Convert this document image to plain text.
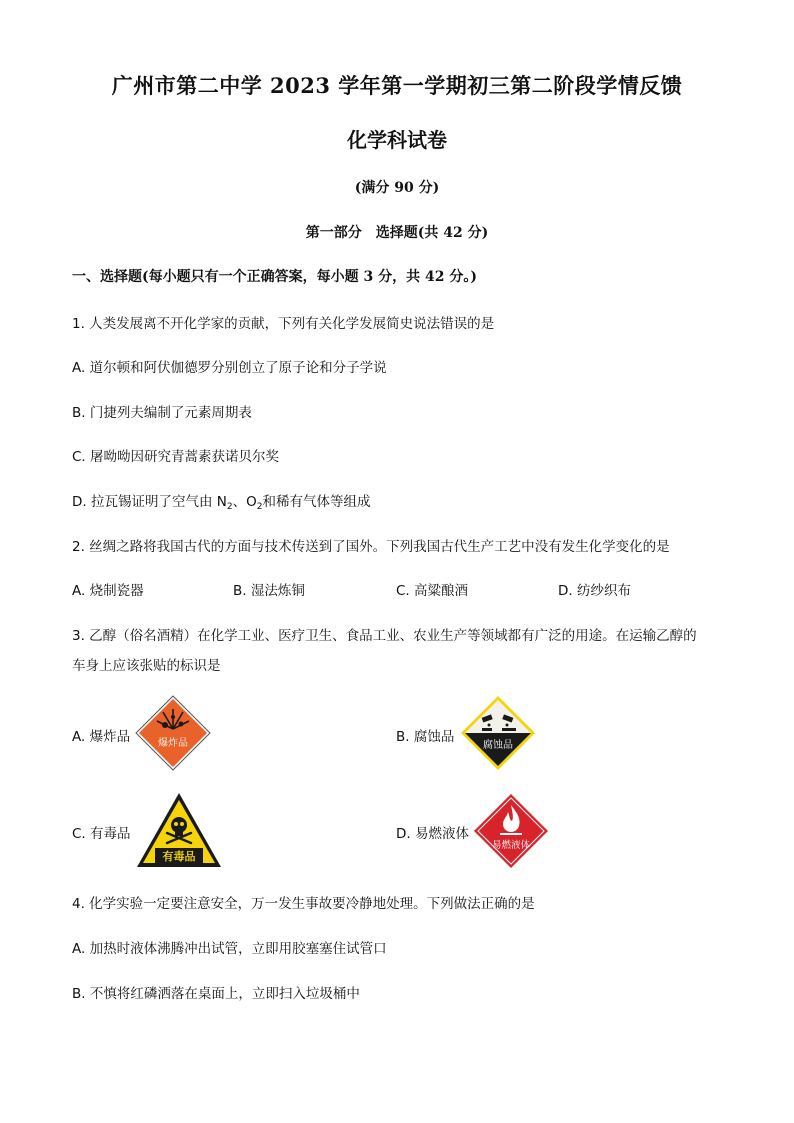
广州市第二中学 2023 学年第一学期初三第二阶段学情反馈
化学科试卷
(满分 90 分)
第一部分　选择题(共 42 分)
一、选择题(每小题只有一个正确答案，每小题 3 分，共 42 分。)
1. 人类发展离不开化学家的贡献，下列有关化学发展简史说法错误的是
A. 道尔顿和阿伏伽德罗分别创立了原子论和分子学说
B. 门捷列夫编制了元素周期表
C. 屠呦呦因研究青蒿素获诺贝尔奖
D. 拉瓦锡证明了空气由 $N_2$、$O_2$和稀有气体等组成
2. 丝绸之路将我国古代的方面与技术传送到了国外。下列我国古代生产工艺中没有发生化学变化的是
A. 烧制瓷器	B. 湿法炼铜	C. 高粱酿酒	D. 纺纱织布
3. 乙醇（俗名酒精）在化学工业、医疗卫生、食品工业、农业生产等领域都有广泛的用途。在运输乙醇的
车身上应该张贴的标识是
A. 爆炸品	爆炸品	B. 腐蚀品
腐蚀品
C. 有毒品
有毒品
D. 易燃液体
易燃液体
4. 化学实验一定要注意安全，万一发生事故要冷静地处理。下列做法正确的是
A. 加热时液体沸腾冲出试管，立即用胶塞塞住试管口
B. 不慎将红磷洒落在桌面上，立即扫入垃圾桶中
